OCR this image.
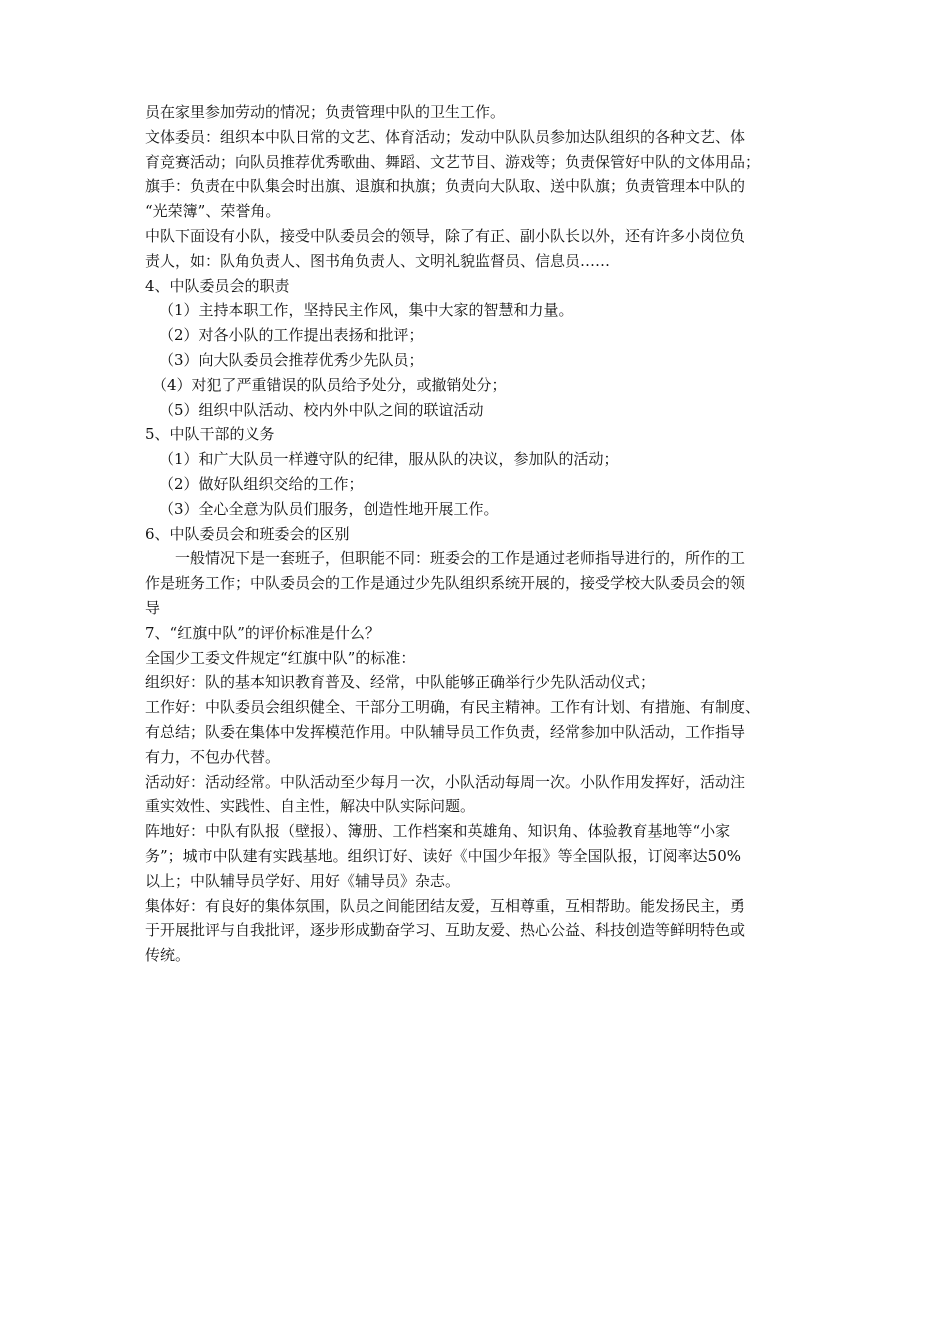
员在家里参加劳动的情况；负责管理中队的卫生工作。
文体委员：组织本中队日常的文艺、体育活动；发动中队队员参加达队组织的各种文艺、体
育竞赛活动；向队员推荐优秀歌曲、舞蹈、文艺节目、游戏等；负责保管好中队的文体用品；
旗手：负责在中队集会时出旗、退旗和执旗；负责向大队取、送中队旗；负责管理本中队的
“光荣簿”、荣誉角。
中队下面设有小队，接受中队委员会的领导，除了有正、副小队长以外，还有许多小岗位负
责人，如：队角负责人、图书角负责人、文明礼貌监督员、信息员……
4、中队委员会的职责
（1）主持本职工作，坚持民主作风，集中大家的智慧和力量。
（2）对各小队的工作提出表扬和批评；
（3）向大队委员会推荐优秀少先队员；
（4）对犯了严重错误的队员给予处分，或撤销处分；
（5）组织中队活动、校内外中队之间的联谊活动
5、中队干部的义务
（1）和广大队员一样遵守队的纪律，服从队的决议，参加队的活动；
（2）做好队组织交给的工作；
（3）全心全意为队员们服务，创造性地开展工作。
6、中队委员会和班委会的区别
一般情况下是一套班子，但职能不同：班委会的工作是通过老师指导进行的，所作的工
作是班务工作；中队委员会的工作是通过少先队组织系统开展的，接受学校大队委员会的领
导
7、“红旗中队”的评价标准是什么？
全国少工委文件规定“红旗中队”的标准：
组织好：队的基本知识教育普及、经常，中队能够正确举行少先队活动仪式；
工作好：中队委员会组织健全、干部分工明确，有民主精神。工作有计划、有措施、有制度、
有总结；队委在集体中发挥模范作用。中队辅导员工作负责，经常参加中队活动，工作指导
有力，不包办代替。
活动好：活动经常。中队活动至少每月一次，小队活动每周一次。小队作用发挥好，活动注
重实效性、实践性、自主性，解决中队实际问题。
阵地好：中队有队报（壁报）、簿册、工作档案和英雄角、知识角、体验教育基地等“小家
务”；城市中队建有实践基地。组织订好、读好《中国少年报》等全国队报，订阅率达50%
以上；中队辅导员学好、用好《辅导员》杂志。
集体好：有良好的集体氛围，队员之间能团结友爱，互相尊重，互相帮助。能发扬民主，勇
于开展批评与自我批评，逐步形成勤奋学习、互助友爱、热心公益、科技创造等鲜明特色或
传统。
